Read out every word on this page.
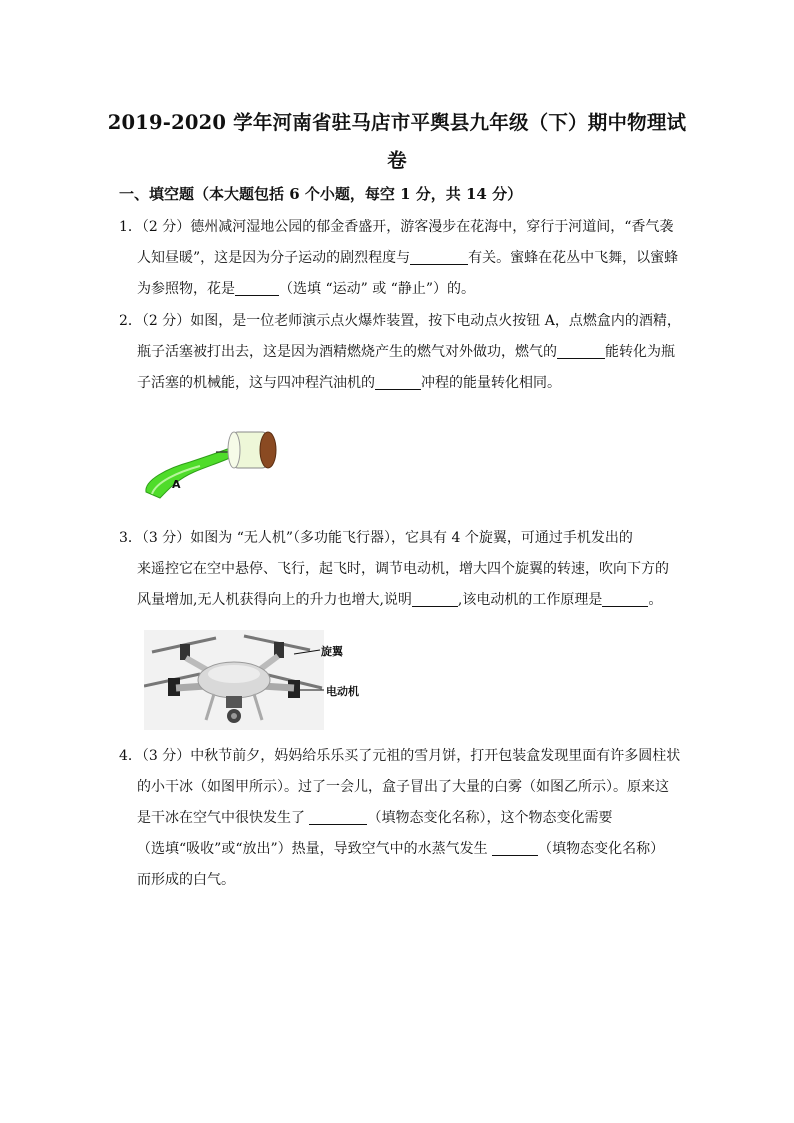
2019-2020 学年河南省驻马店市平舆县九年级（下）期中物理试
卷
一、填空题（本大题包括 6 个小题，每空 1 分，共 14 分）
1．（2 分）德州减河湿地公园的郁金香盛开，游客漫步在花海中，穿行于河道间，“香气袭
人知昼暖”，这是因为分子运动的剧烈程度与	有关。蜜蜂在花丛中飞舞，以蜜蜂
为参照物，花是	（选填 “运动” 或 “静止”）的。
2．（2 分）如图，是一位老师演示点火爆炸装置，按下电动点火按钮 A，点燃盒内的酒精，
瓶子活塞被打出去，这是因为酒精燃烧产生的燃气对外做功，燃气的	能转化为瓶
子活塞的机械能，这与四冲程汽油机的	冲程的能量转化相同。
A
3．（3 分）如图为 “无人机”（多功能飞行器），它具有 4 个旋翼，可通过手机发出的
来遥控它在空中悬停、飞行，起飞时，调节电动机，增大四个旋翼的转速，吹向下方的
风量增加,无人机获得向上的升力也增大,说明	,该电动机的工作原理是	。
旋翼
电动机
4．（3 分）中秋节前夕，妈妈给乐乐买了元祖的雪月饼，打开包装盒发现里面有许多圆柱状
的小干冰（如图甲所示）。过了一会儿，盒子冒出了大量的白雾（如图乙所示）。原来这
是干冰在空气中很快发生了	（填物态变化名称），这个物态变化需要
（选填“吸收”或“放出”）热量，导致空气中的水蒸气发生	（填物态变化名称）
而形成的白气。
